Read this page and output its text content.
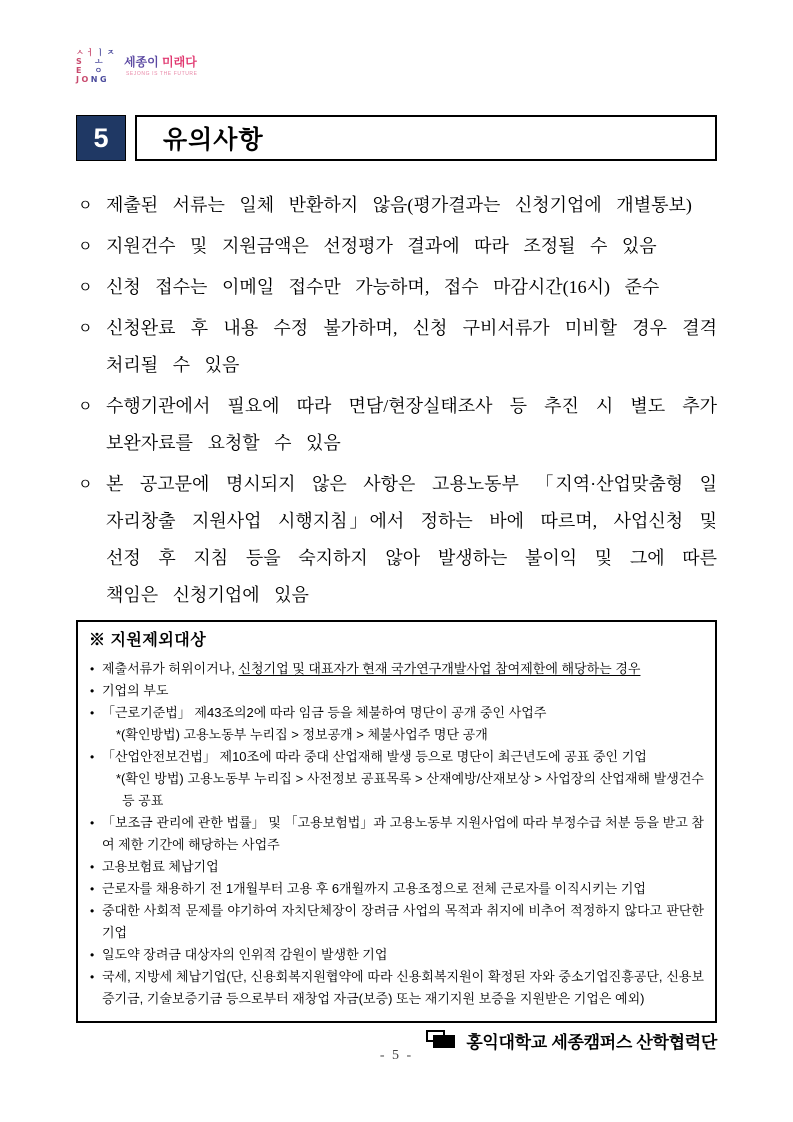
ㅅㅓㅣㅈ
S  ㅗ
E  ㅇ
JONG
세종이 미래다
SEJONG IS THE FUTURE
5	유의사항
ㅇ 제출된 서류는 일체 반환하지 않음(평가결과는 신청기업에 개별통보)
ㅇ 지원건수 및 지원금액은 선정평가 결과에 따라 조정될 수 있음
ㅇ 신청 접수는 이메일 접수만 가능하며, 접수 마감시간(16시) 준수
ㅇ 신청완료 후 내용 수정 불가하며, 신청 구비서류가 미비할 경우 결격 처리될 수 있음
ㅇ 수행기관에서 필요에 따라 면담/현장실태조사 등 추진 시 별도 추가 보완자료를 요청할 수 있음
ㅇ 본 공고문에 명시되지 않은 사항은 고용노동부 「지역·산업맞춤형 일자리창출 지원사업 시행지침」에서 정하는 바에 따르며, 사업신청 및 선정 후 지침 등을 숙지하지 않아 발생하는 불이익 및 그에 따른 책임은 신청기업에 있음
※ 지원제외대상
• 제출서류가 허위이거나, 신청기업 및 대표자가 현재 국가연구개발사업 참여제한에 해당하는 경우
• 기업의 부도
• 「근로기준법」 제43조의2에 따라 임금 등을 체불하여 명단이 공개 중인 사업주
*(확인방법) 고용노동부 누리집 > 정보공개 > 체불사업주 명단 공개
• 「산업안전보건법」 제10조에 따라 중대 산업재해 발생 등으로 명단이 최근년도에 공표 중인 기업
*(확인 방법) 고용노동부 누리집 > 사전정보 공표목록 > 산재예방/산재보상 > 사업장의 산업재해 발생건수 등 공표
• 「보조금 관리에 관한 법률」 및 「고용보험법」과 고용노동부 지원사업에 따라 부정수급 처분 등을 받고 참여 제한 기간에 해당하는 사업주
• 고용보험료 체납기업
• 근로자를 채용하기 전 1개월부터 고용 후 6개월까지 고용조정으로 전체 근로자를 이직시키는 기업
• 중대한 사회적 문제를 야기하여 자치단체장이 장려금 사업의 목적과 취지에 비추어 적정하지 않다고 판단한 기업
• 일도약 장려금 대상자의 인위적 감원이 발생한 기업
• 국세, 지방세 체납기업(단, 신용회복지원협약에 따라 신용회복지원이 확정된 자와 중소기업진흥공단, 신용보증기금, 기술보증기금 등으로부터 재창업 자금(보증) 또는 재기지원 보증을 지원받은 기업은 예외)
홍익대학교 세종캠퍼스 산학협력단
- 5 -
